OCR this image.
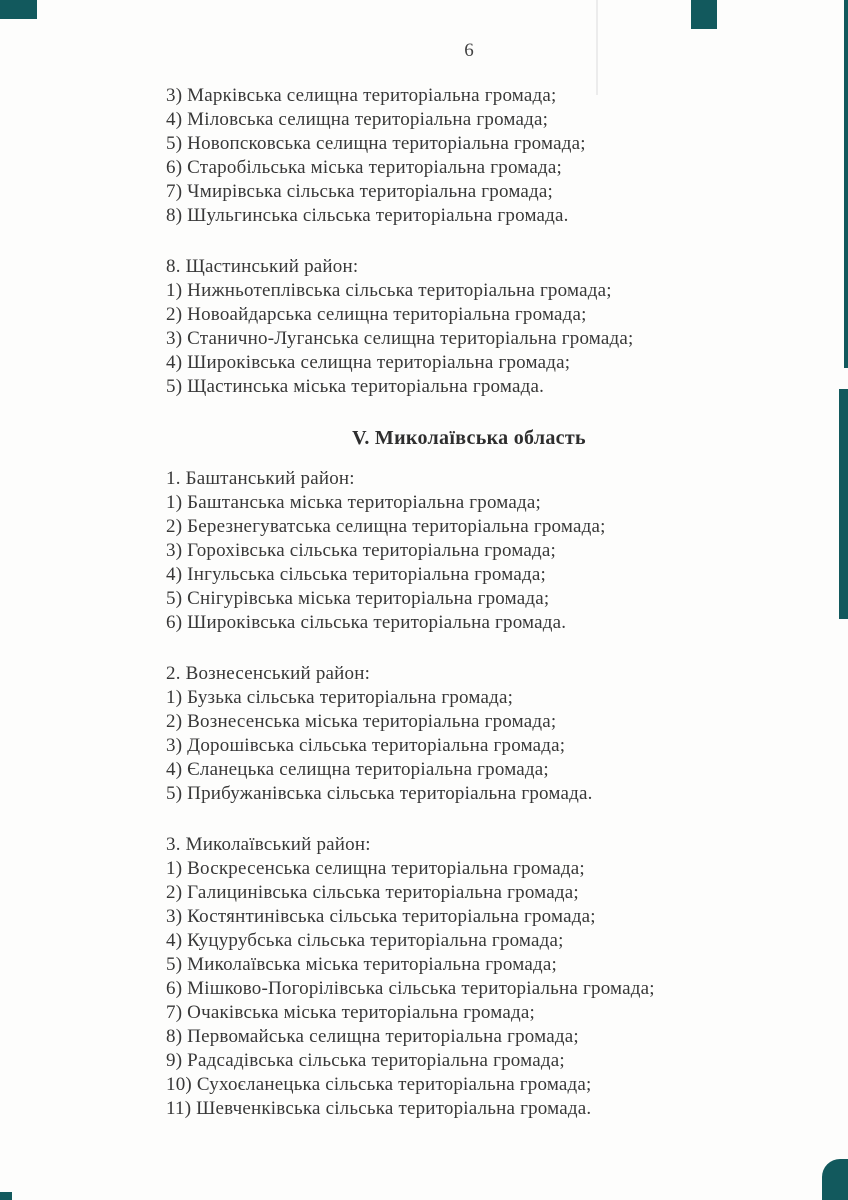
6

3) Марківська селищна територіальна громада;

4) Міловська селищна територіальна громада;

5) Новопсковська селищна територіальна громада;

6) Старобільська міська територіальна громада;

7) Чмирівська сільська територіальна громада;

8) Шульгинська сільська територіальна громада.

8. Щастинський район:

1) Нижньотеплівська сільська територіальна громада;

2) Новоайдарська селищна територіальна громада;

3) Станично-Луганська селищна територіальна громада;

4) Широківська селищна територіальна громада;

5) Щастинська міська територіальна громада.

V. Миколаївська область

1. Баштанський район:

1) Баштанська міська територіальна громада;

2) Березнегуватська селищна територіальна громада;

3) Горохівська сільська територіальна громада;

4) Інгульська сільська територіальна громада;

5) Снігурівська міська територіальна громада;

6) Широківська сільська територіальна громада.

2. Вознесенський район:

1) Бузька сільська територіальна громада;

2) Вознесенська міська територіальна громада;

3) Дорошівська сільська територіальна громада;

4) Єланецька селищна територіальна громада;

5) Прибужанівська сільська територіальна громада.

3. Миколаївський район:

1) Воскресенська селищна територіальна громада;

2) Галицинівська сільська територіальна громада;

3) Костянтинівська сільська територіальна громада;

4) Куцурубська сільська територіальна громада;

5) Миколаївська міська територіальна громада;

6) Мішково-Погорілівська сільська територіальна громада;

7) Очаківська міська територіальна громада;

8) Первомайська селищна територіальна громада;

9) Радсадівська сільська територіальна громада;

10) Сухоєланецька сільська територіальна громада;

11) Шевченківська сільська територіальна громада.
